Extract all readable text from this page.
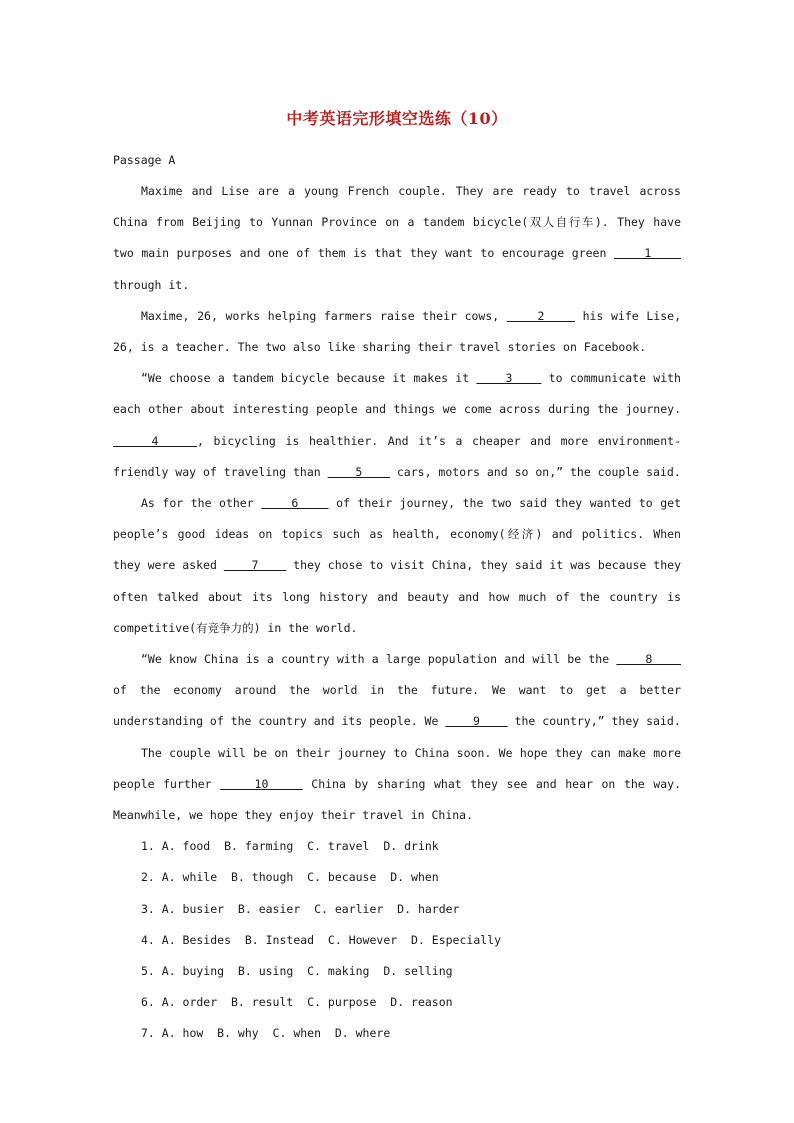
中考英语完形填空选练（10）
Passage A

Maxime and Lise are a young French couple. They are ready to travel across China from Beijing to Yunnan Province on a tandem bicycle(双人自行车). They have two main purposes and one of them is that they want to encourage green     1     through it.

Maxime, 26, works helping farmers raise their cows,     2     his wife Lise, 26, is a teacher. The two also like sharing their travel stories on Facebook.

“We choose a tandem bicycle because it makes it     3     to communicate with each other about interesting people and things we come across during the journey.     4    , bicycling is healthier. And it’s a cheaper and more environment-friendly way of traveling than     5     cars, motors and so on,” the couple said.

As for the other     6     of their journey, the two said they wanted to get people’s good ideas on topics such as health, economy(经济) and politics. When they were asked     7     they chose to visit China, they said it was because they often talked about its long history and beauty and how much of the country is competitive(有竞争力的) in the world.

“We know China is a country with a large population and will be the     8     of the economy around the world in the future. We want to get a better understanding of the country and its people. We     9     the country,” they said.

The couple will be on their journey to China soon. We hope they can make more people further     10     China by sharing what they see and hear on the way. Meanwhile, we hope they enjoy their travel in China.

1. A. food  B. farming  C. travel  D. drink
2. A. while  B. though  C. because  D. when
3. A. busier  B. easier  C. earlier  D. harder
4. A. Besides  B. Instead  C. However  D. Especially
5. A. buying  B. using  C. making  D. selling
6. A. order  B. result  C. purpose  D. reason
7. A. how  B. why  C. when  D. where
